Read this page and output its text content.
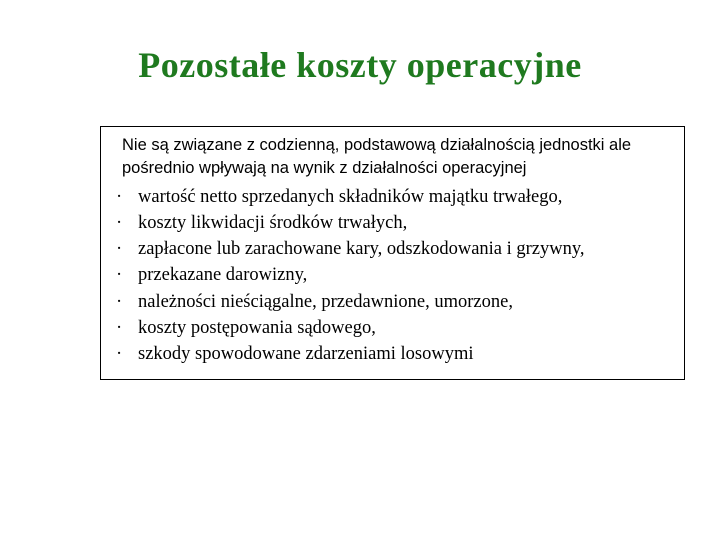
Pozostałe koszty operacyjne

Nie są związane z codzienną, podstawową działalnością jednostki ale pośrednio wpływają na wynik z działalności operacyjnej

· wartość netto sprzedanych składników majątku trwałego,
· koszty likwidacji środków trwałych,
· zapłacone lub zarachowane kary, odszkodowania i grzywny,
· przekazane darowizny,
· należności nieściągalne, przedawnione, umorzone,
· koszty postępowania sądowego,
· szkody spowodowane zdarzeniami losowymi
